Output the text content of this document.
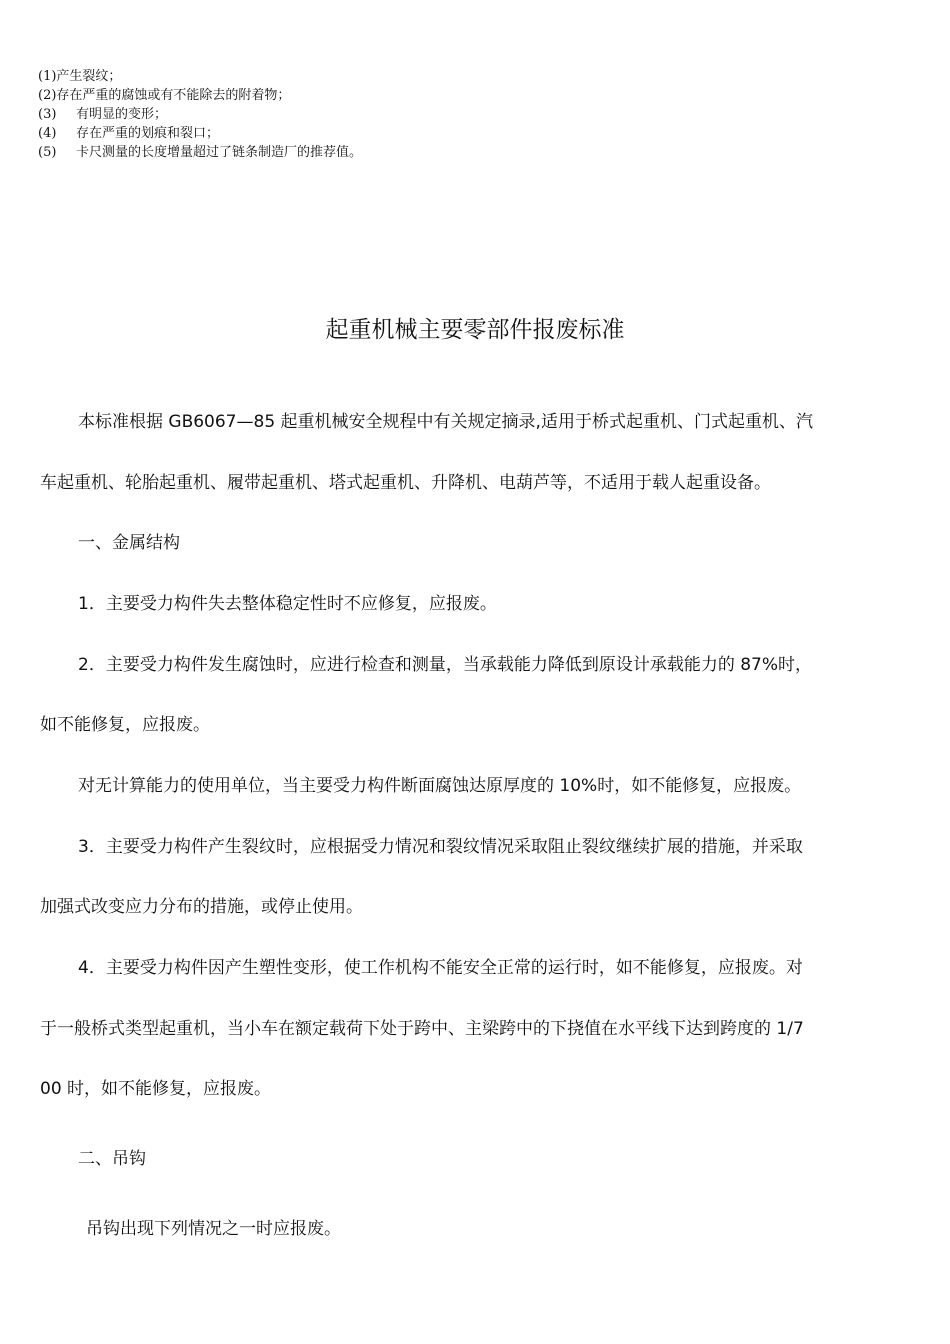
(1) 产生裂纹；
(2) 存在严重的腐蚀或有不能除去的附着物；
(3)	有明显的变形；
(4)	存在严重的划痕和裂口；
(5)	卡尺测量的长度增量超过了链条制造厂的推荐值。
起重机械主要零部件报废标准
本标准根据 GB6067—85 起重机械安全规程中有关规定摘录,适用于桥式起重机、门式起重机、汽
车起重机、轮胎起重机、履带起重机、塔式起重机、升降机、电葫芦等，不适用于载人起重设备。
一、金属结构
1．主要受力构件失去整体稳定性时不应修复，应报废。
2．主要受力构件发生腐蚀时，应进行检查和测量，当承载能力降低到原设计承载能力的 87%时，
如不能修复，应报废。
对无计算能力的使用单位，当主要受力构件断面腐蚀达原厚度的 10%时，如不能修复，应报废。
3．主要受力构件产生裂纹时，应根据受力情况和裂纹情况采取阻止裂纹继续扩展的措施，并采取
加强式改变应力分布的措施，或停止使用。
4．主要受力构件因产生塑性变形，使工作机构不能安全正常的运行时，如不能修复，应报废。对
于一般桥式类型起重机，当小车在额定载荷下处于跨中、主梁跨中的下挠值在水平线下达到跨度的 1/7
00 时，如不能修复，应报废。
二、吊钩
吊钩出现下列情况之一时应报废。
